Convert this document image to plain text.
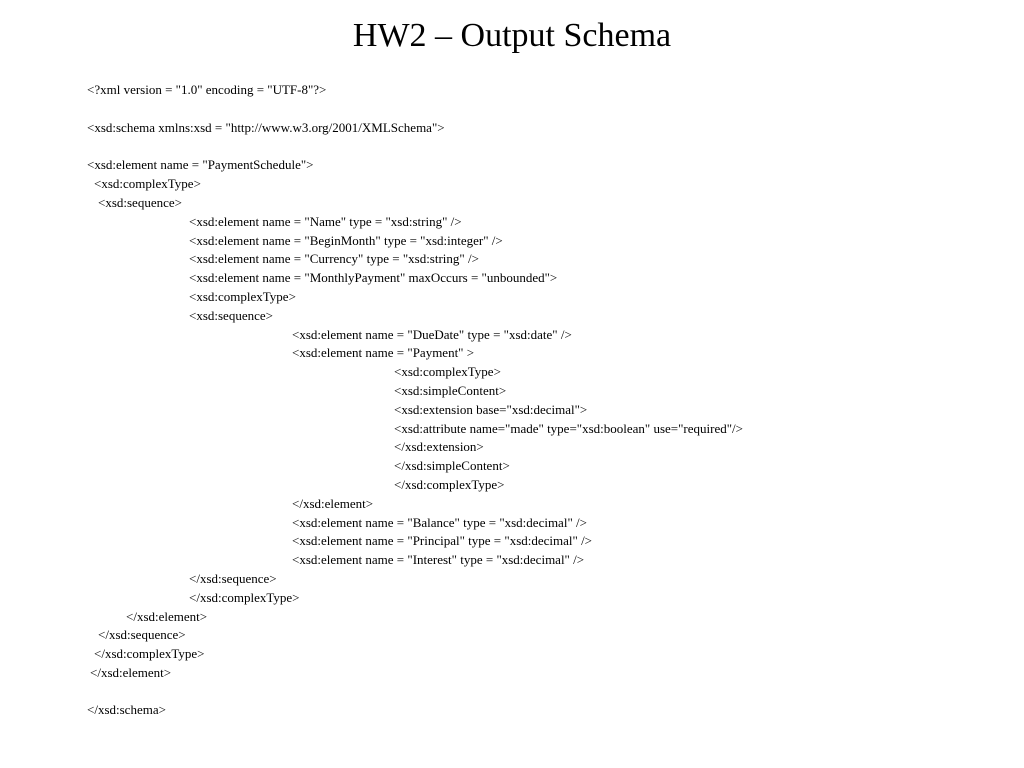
HW2 – Output Schema
<?xml version = "1.0" encoding = "UTF-8"?>
<xsd:schema xmlns:xsd = "http://www.w3.org/2001/XMLSchema">
<xsd:element name = "PaymentSchedule">
<xsd:complexType>
<xsd:sequence>
<xsd:element name = "Name" type = "xsd:string" />
<xsd:element name = "BeginMonth" type = "xsd:integer" />
<xsd:element name = "Currency" type = "xsd:string" />
<xsd:element name = "MonthlyPayment" maxOccurs = "unbounded">
<xsd:complexType>
<xsd:sequence>
<xsd:element name = "DueDate" type = "xsd:date" />
<xsd:element name = "Payment" >
<xsd:complexType>
<xsd:simpleContent>
<xsd:extension base="xsd:decimal">
<xsd:attribute name="made" type="xsd:boolean" use="required"/>
</xsd:extension>
</xsd:simpleContent>
</xsd:complexType>
</xsd:element>
<xsd:element name = "Balance" type = "xsd:decimal" />
<xsd:element name = "Principal" type = "xsd:decimal" />
<xsd:element name = "Interest" type = "xsd:decimal" />
</xsd:sequence>
</xsd:complexType>
</xsd:element>
</xsd:sequence>
</xsd:complexType>
</xsd:element>
</xsd:schema>
